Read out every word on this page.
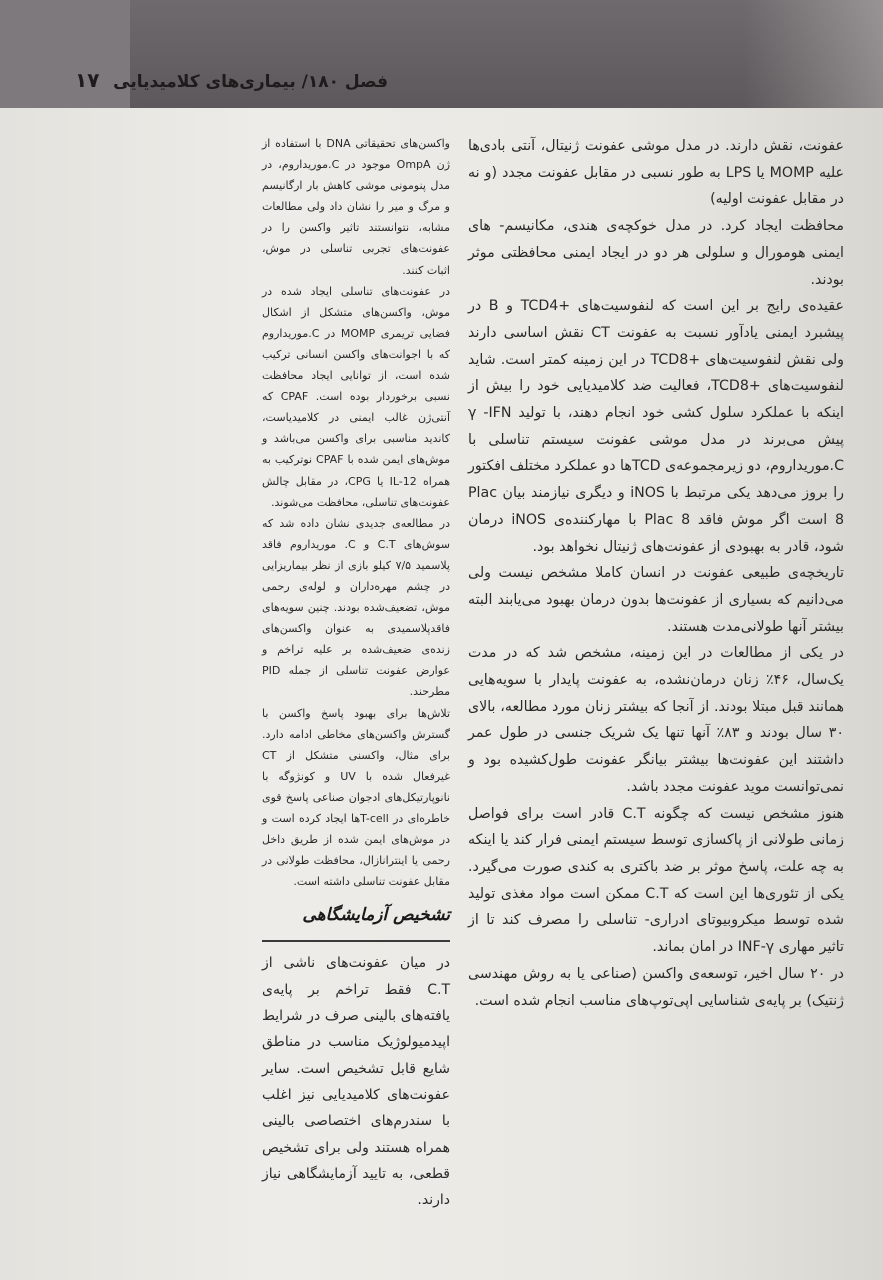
فصل ۱۸۰/ بیماری‌های کلامیدیایی
۱۷

عفونت، نقش دارند. در مدل موشی عفونت ژنیتال، آنتی بادی‌ها علیه MOMP یا LPS به طور نسبی در مقابل عفونت مجدد (و نه در مقابل عفونت اولیه)

محافظت ایجاد کرد. در مدل خوکچه‌ی هندی، مکانیسم- های ایمنی هومورال و سلولی هر دو در ایجاد ایمنی محافظتی موثر بودند.

عقیده‌ی رایج بر این است که لنفوسیت‌های +TCD4 و B در پیشبرد ایمنی یادآور نسبت به عفونت CT نقش اساسی دارند ولی نقش لنفوسیت‌های +TCD8 در این زمینه کمتر است. شاید لنفوسیت‌های +TCD8، فعالیت ضد کلامیدیایی خود را بیش از اینکه با عملکرد سلول کشی خود انجام دهند، با تولید γ -IFN پیش می‌برند در مدل موشی عفونت سیستم تناسلی با C.موریداروم، دو زیرمجموعه‌ی TCDها دو عملکرد مختلف افکتور را بروز می‌دهد یکی مرتبط با iNOS و دیگری نیازمند بیان Plac 8 است اگر موش فاقد Plac 8 با مهارکننده‌ی iNOS درمان شود، قادر به بهبودی از عفونت‌های ژنیتال نخواهد بود.

تاریخچه‌ی طبیعی عفونت در انسان کاملا مشخص نیست ولی می‌دانیم که بسیاری از عفونت‌ها بدون درمان بهبود می‌یابند البته بیشتر آنها طولانی‌مدت هستند.

در یکی از مطالعات در این زمینه، مشخص شد که در مدت یک‌سال، ۴۶٪ زنان درمان‌نشده، به عفونت پایدار با سویه‌هایی همانند قبل مبتلا بودند. از آنجا که بیشتر زنان مورد مطالعه، بالای ۳۰ سال بودند و ۸۳٪ آنها تنها یک شریک جنسی در طول عمر داشتند این عفونت‌ها بیشتر بیانگر عفونت طول‌کشیده بود و نمی‌توانست موید عفونت مجدد باشد.

هنوز مشخص نیست که چگونه C.T قادر است برای فواصل زمانی طولانی از پاکسازی توسط سیستم ایمنی فرار کند یا اینکه به چه علت، پاسخ موثر بر ضد باکتری به کندی صورت می‌گیرد. یکی از تئوری‌ها این است که C.T ممکن است مواد مغذی تولید شده توسط میکروبیوتای ادراری- تناسلی را مصرف کند تا از تاثیر مهاری INF-γ در امان بماند.

در ۲۰ سال اخیر، توسعه‌ی واکسن (صناعی یا به روش مهندسی ژنتیک) بر پایه‌ی شناسایی اپی‌توپ‌های مناسب انجام شده است.

واکسن‌های تحقیقاتی DNA با استفاده از ژن OmpA موجود در C.موریداروم، در مدل پنومونی موشی کاهش بار ارگانیسم و مرگ و میر را نشان داد ولی مطالعات مشابه، نتوانستند تاثیر واکسن را در عفونت‌های تجربی تناسلی در موش، اثبات کنند.

در عفونت‌های تناسلی ایجاد شده در موش، واکسن‌های متشکل از اشکال فضایی تریمری MOMP در C.موریداروم که با اجوانت‌های واکسن انسانی ترکیب شده است، از توانایی ایجاد محافظت نسبی برخوردار بوده است. CPAF که آنتی‌ژن غالب ایمنی در کلامیدیاست، کاندید مناسبی برای واکسن می‌باشد و موش‌های ایمن شده با CPAF نوترکیب به همراه IL-12 یا CPG، در مقابل چالش عفونت‌های تناسلی، محافظت می‌شوند.

در مطالعه‌ی جدیدی نشان داده شد که سوش‌های C.T و C. موریداروم فاقد پلاسمید ۷/۵ کیلو بازی از نظر بیماریزایی در چشم مهره‌داران و لوله‌ی رحمی موش، تضعیف‌شده بودند. چنین سویه‌های فاقدپلاسمیدی به عنوان واکسن‌های زنده‌ی ضعیف‌شده بر علیه تراخم و عوارض عفونت تناسلی از جمله PID مطرحند.

تلاش‌ها برای بهبود پاسخ واکسن با گسترش واکسن‌های مخاطی ادامه دارد. برای مثال، واکسنی متشکل از CT غیرفعال شده با UV و کونژوگه با نانوپارتیکل‌های ادجوان صناعی پاسخ قوی خاطره‌ای در T-cellها ایجاد کرده است و در موش‌های ایمن شده از طریق داخل رحمی یا اینترانازال، محافظت طولانی در مقابل عفونت تناسلی داشته است.

تشخیص آزمایشگاهی
در میان عفونت‌های ناشی از C.T فقط تراخم بر پایه‌ی یافته‌های بالینی صرف در شرایط اپیدمیولوژیک مناسب در مناطق شایع قابل تشخیص است. سایر عفونت‌های کلامیدیایی نیز اغلب با سندرم‌های اختصاصی بالینی همراه هستند ولی برای تشخیص قطعی، به تایید آزمایشگاهی نیاز دارند.
